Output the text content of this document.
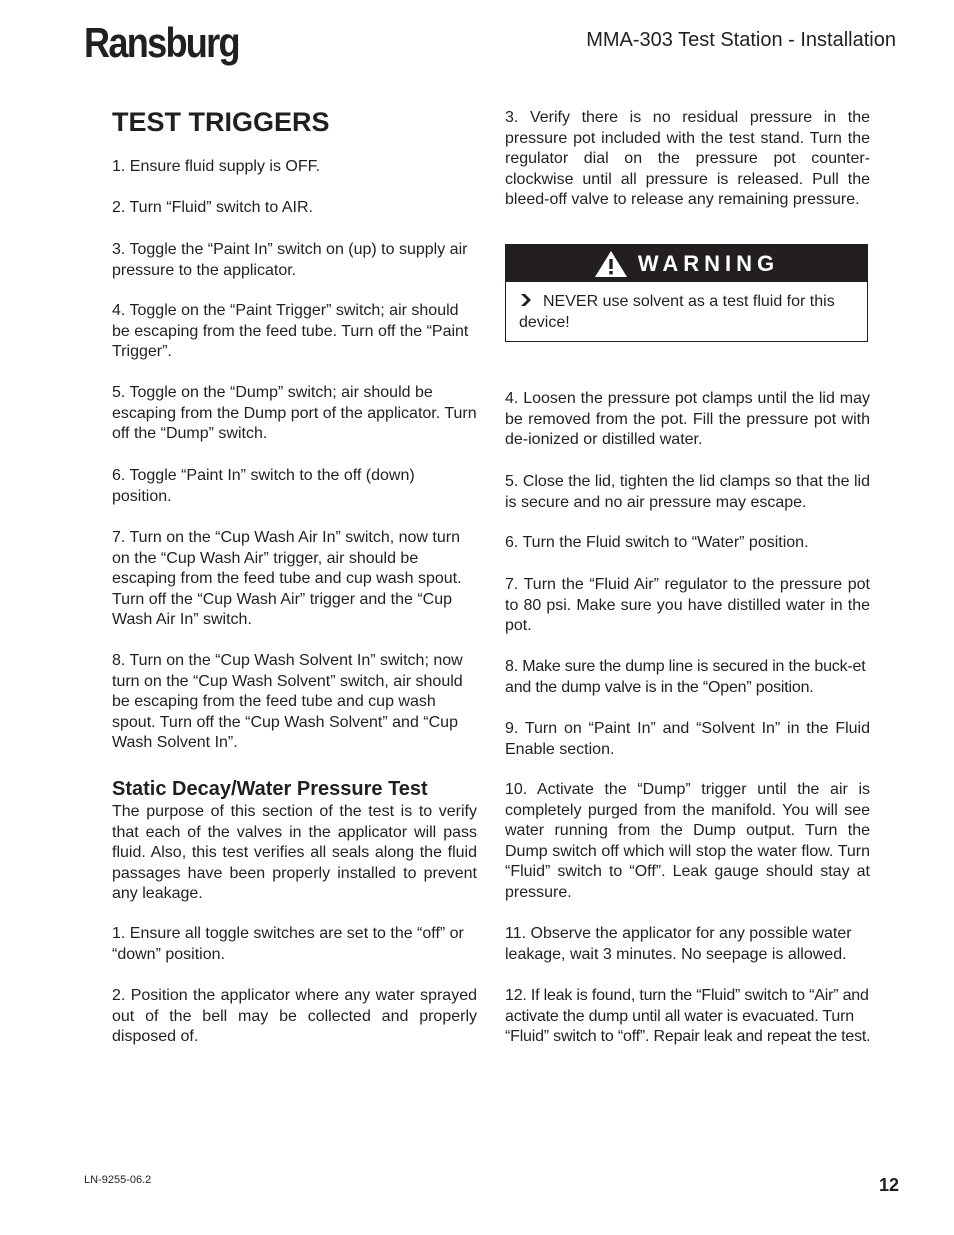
Ransburg	MMA-303 Test Station - Installation
TEST TRIGGERS
1. Ensure fluid supply is OFF.
2. Turn “Fluid” switch to AIR.
3. Toggle the “Paint In” switch on (up) to supply air pressure to the applicator.
4. Toggle on the “Paint Trigger” switch; air should be escaping from the feed tube. Turn off the “Paint Trigger”.
5. Toggle on the “Dump” switch; air should be escaping from the Dump port of the applicator. Turn off the “Dump” switch.
6. Toggle “Paint In” switch to the off (down) position.
7. Turn on the “Cup Wash Air In” switch, now turn on the “Cup Wash Air” trigger, air should be escaping from the feed tube and cup wash spout. Turn off the “Cup Wash Air” trigger and the “Cup Wash Air In” switch.
8. Turn on the “Cup Wash Solvent In” switch; now turn on the “Cup Wash Solvent” switch, air should be escaping from the feed tube and cup wash spout. Turn off the “Cup Wash Solvent” and “Cup Wash Solvent In”.
Static Decay/Water Pressure Test
The purpose of this section of the test is to verify that each of the valves in the applicator will pass fluid. Also, this test verifies all seals along the fluid passages have been properly installed to prevent any leakage.
1. Ensure all toggle switches are set to the “off” or “down” position.
2. Position the applicator where any water sprayed out of the bell may be collected and properly disposed of.
3. Verify there is no residual pressure in the pressure pot included with the test stand. Turn the regulator dial on the pressure pot counter-clockwise until all pressure is released. Pull the bleed-off valve to release any remaining pressure.
WARNING
NEVER use solvent as a test fluid for this device!
4. Loosen the pressure pot clamps until the lid may be removed from the pot. Fill the pressure pot with de-ionized or distilled water.
5. Close the lid, tighten the lid clamps so that the lid is secure and no air pressure may escape.
6. Turn the Fluid switch to “Water” position.
7. Turn the “Fluid Air” regulator to the pressure pot to 80 psi. Make sure you have distilled water in the pot.
8. Make sure the dump line is secured in the buck-et and the dump valve is in the “Open” position.
9. Turn on “Paint In” and “Solvent In” in the Fluid Enable section.
10. Activate the “Dump” trigger until the air is completely purged from the manifold. You will see water running from the Dump output. Turn the Dump switch off which will stop the water flow. Turn “Fluid” switch to “Off”. Leak gauge should stay at pressure.
11. Observe the applicator for any possible water leakage, wait 3 minutes. No seepage is allowed.
12. If leak is found, turn the “Fluid” switch to “Air” and activate the dump until all water is evacuated. Turn “Fluid” switch to “off”. Repair leak and repeat the test.
LN-9255-06.2	12
